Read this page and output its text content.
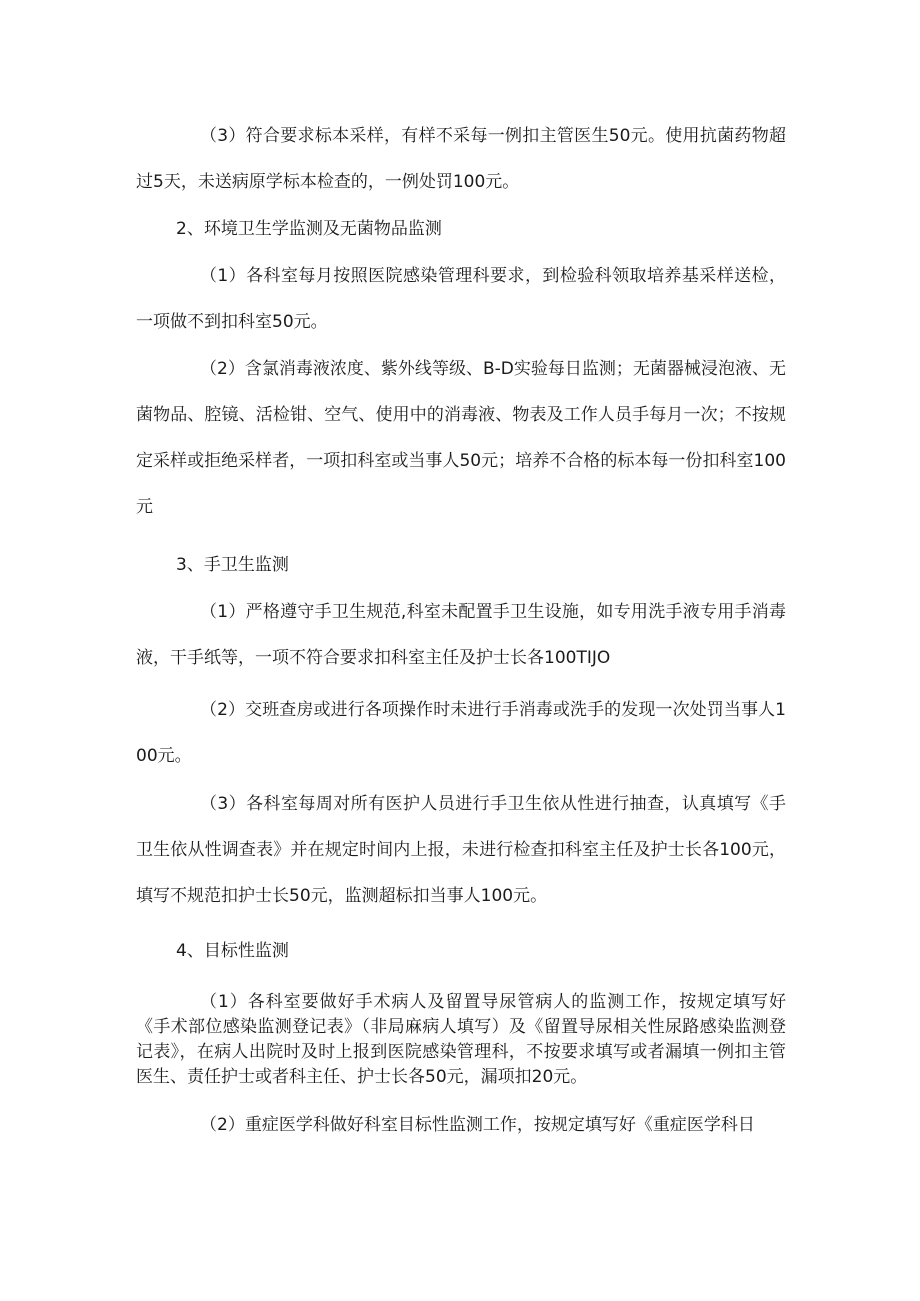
（3）符合要求标本采样，有样不采每一例扣主管医生50元。使用抗菌药物超过5天，未送病原学标本检查的，一例处罚100元。

2、环境卫生学监测及无菌物品监测

（1）各科室每月按照医院感染管理科要求，到检验科领取培养基采样送检，一项做不到扣科室50元。

（2）含氯消毒液浓度、紫外线等级、B-D实验每日监测；无菌器械浸泡液、无菌物品、腔镜、活检钳、空气、使用中的消毒液、物表及工作人员手每月一次；不按规定采样或拒绝采样者，一项扣科室或当事人50元；培养不合格的标本每一份扣科室100元

3、手卫生监测

（1）严格遵守手卫生规范,科室未配置手卫生设施，如专用洗手液专用手消毒液，干手纸等，一项不符合要求扣科室主任及护士长各100TIJO

（2）交班查房或进行各项操作时未进行手消毒或洗手的发现一次处罚当事人100元。

（3）各科室每周对所有医护人员进行手卫生依从性进行抽查，认真填写《手卫生依从性调查表》并在规定时间内上报，未进行检查扣科室主任及护士长各100元，填写不规范扣护士长50元，监测超标扣当事人100元。

4、目标性监测

（1）各科室要做好手术病人及留置导尿管病人的监测工作，按规定填写好《手术部位感染监测登记表》（非局麻病人填写）及《留置导尿相关性尿路感染监测登记表》，在病人出院时及时上报到医院感染管理科，不按要求填写或者漏填一例扣主管医生、责任护士或者科主任、护士长各50元，漏项扣20元。

（2）重症医学科做好科室目标性监测工作，按规定填写好《重症医学科日
